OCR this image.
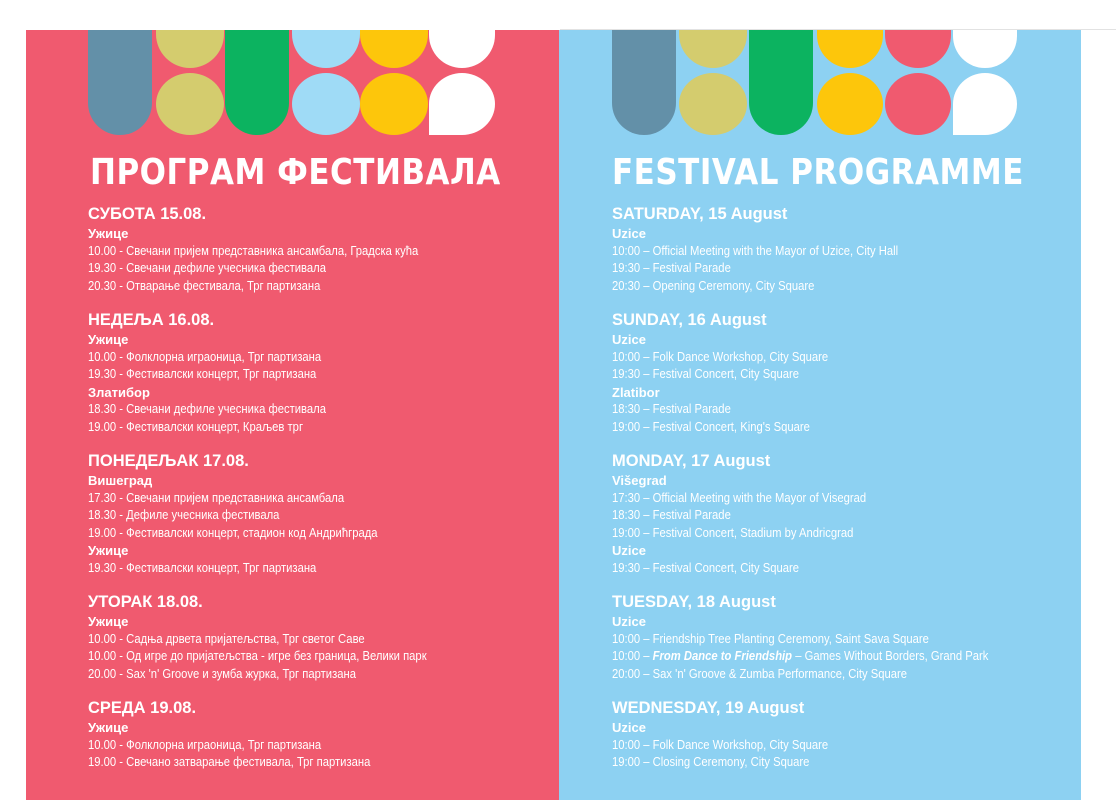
ПРОГРАМ ФЕСТИВАЛА
СУБОТА 15.08.
Ужице
10.00 - Свечани пријем представника ансамбала, Градска кућа
19.30 - Свечани дефиле учесника фестивала
20.30 - Отварање фестивала, Трг партизана
НЕДЕЉА 16.08.
Ужице
10.00 - Фолклорна играоница, Трг партизана
19.30 - Фестивалски концерт, Трг партизана
Златибор
18.30 - Свечани дефиле учесника фестивала
19.00 - Фестивалски концерт, Краљев трг
ПОНЕДЕЉАК 17.08.
Вишеград
17.30 - Свечани пријем представника ансамбала
18.30 - Дефиле учесника фестивала
19.00 - Фестивалски концерт, стадион код Андрићграда
Ужице
19.30 - Фестивалски концерт, Трг партизана
УТОРАК 18.08.
Ужице
10.00 - Садња дрвета пријатељства, Трг светог Саве
10.00 - Од игре до пријатељства - игре без граница, Велики парк
20.00 - Sax 'n' Groove и зумба журка, Трг партизана
СРЕДА 19.08.
Ужице
10.00 - Фолклорна играоница, Трг партизана
19.00 - Свечано затварање фестивала, Трг партизана
FESTIVAL PROGRAMME
SATURDAY, 15 August
Uzice
10:00 – Official Meeting with the Mayor of Uzice, City Hall
19:30 – Festival Parade
20:30 – Opening Ceremony, City Square
SUNDAY, 16 August
Uzice
10:00 – Folk Dance Workshop, City Square
19:30 – Festival Concert, City Square
Zlatibor
18:30 – Festival Parade
19:00 – Festival Concert, King's Square
MONDAY, 17 August
Višegrad
17:30 – Official Meeting with the Mayor of Visegrad
18:30 – Festival Parade
19:00 – Festival Concert, Stadium by Andricgrad
Uzice
19:30 – Festival Concert, City Square
TUESDAY, 18 August
Uzice
10:00 – Friendship Tree Planting Ceremony, Saint Sava Square
10:00 – From Dance to Friendship – Games Without Borders, Grand Park
20:00 – Sax 'n' Groove & Zumba Performance, City Square
WEDNESDAY, 19 August
Uzice
10:00 – Folk Dance Workshop, City Square
19:00 – Closing Ceremony, City Square
